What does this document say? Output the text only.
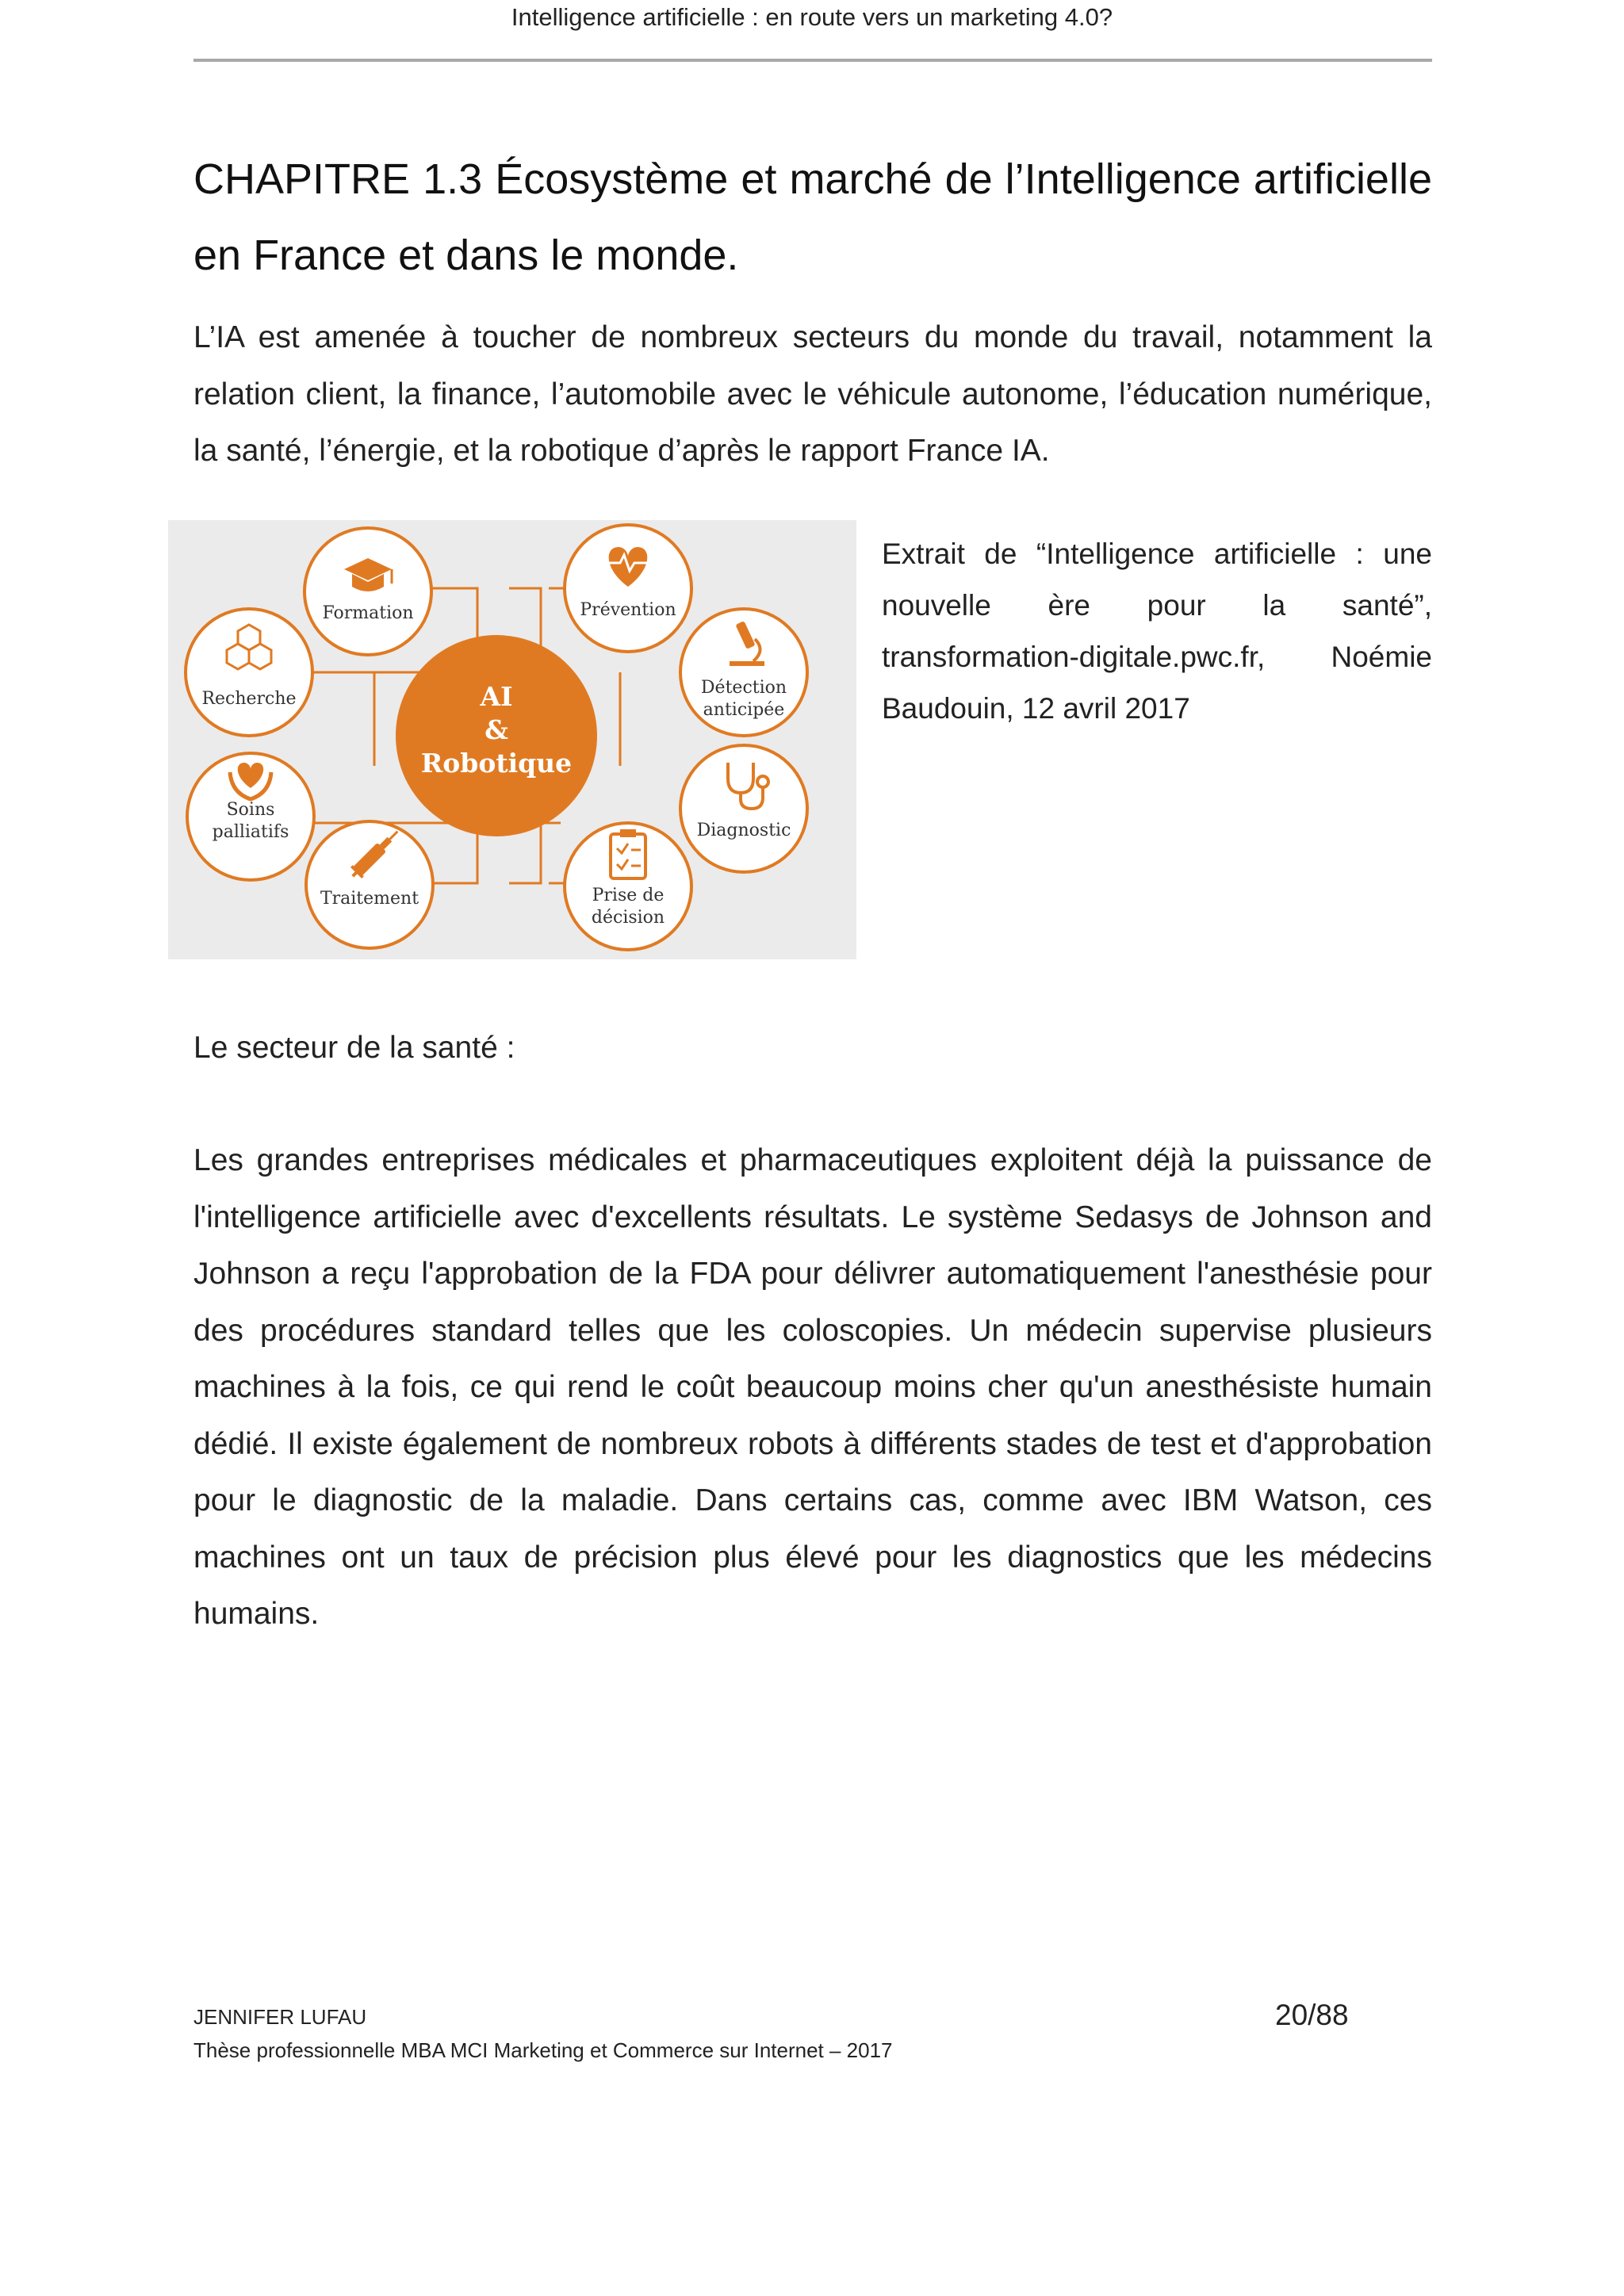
Intelligence artificielle : en route vers un marketing 4.0?
CHAPITRE 1.3 Écosystème et marché de l’Intelligence artificielle en France et dans le monde.

L’IA est amenée à toucher de nombreux secteurs du monde du travail, notamment la relation client, la finance, l’automobile avec le véhicule autonome, l’éducation numérique, la santé, l’énergie, et la robotique d’après le rapport France IA.

AI
&
Robotique
Formation	Prévention
Recherche
Détection
anticipée
Soins
palliatifs	Diagnostic
Traitement	Prise de
décision

Extrait de “Intelligence artificielle : une nouvelle ère pour la santé”, transformation-digitale.pwc.fr, Noémie Baudouin, 12 avril 2017

Le secteur de la santé :

Les grandes entreprises médicales et pharmaceutiques exploitent déjà la puissance de l'intelligence artificielle avec d'excellents résultats. Le système Sedasys de Johnson and Johnson a reçu l'approbation de la FDA pour délivrer automatiquement l'anesthésie pour des procédures standard telles que les coloscopies. Un médecin supervise plusieurs machines à la fois, ce qui rend le coût beaucoup moins cher qu'un anesthésiste humain dédié. Il existe également de nombreux robots à différents stades de test et d'approbation pour le diagnostic de la maladie. Dans certains cas, comme avec IBM Watson, ces machines ont un taux de précision plus élevé pour les diagnostics que les médecins humains.

JENNIFER LUFAU	20/88
Thèse professionnelle MBA MCI Marketing et Commerce sur Internet – 2017
